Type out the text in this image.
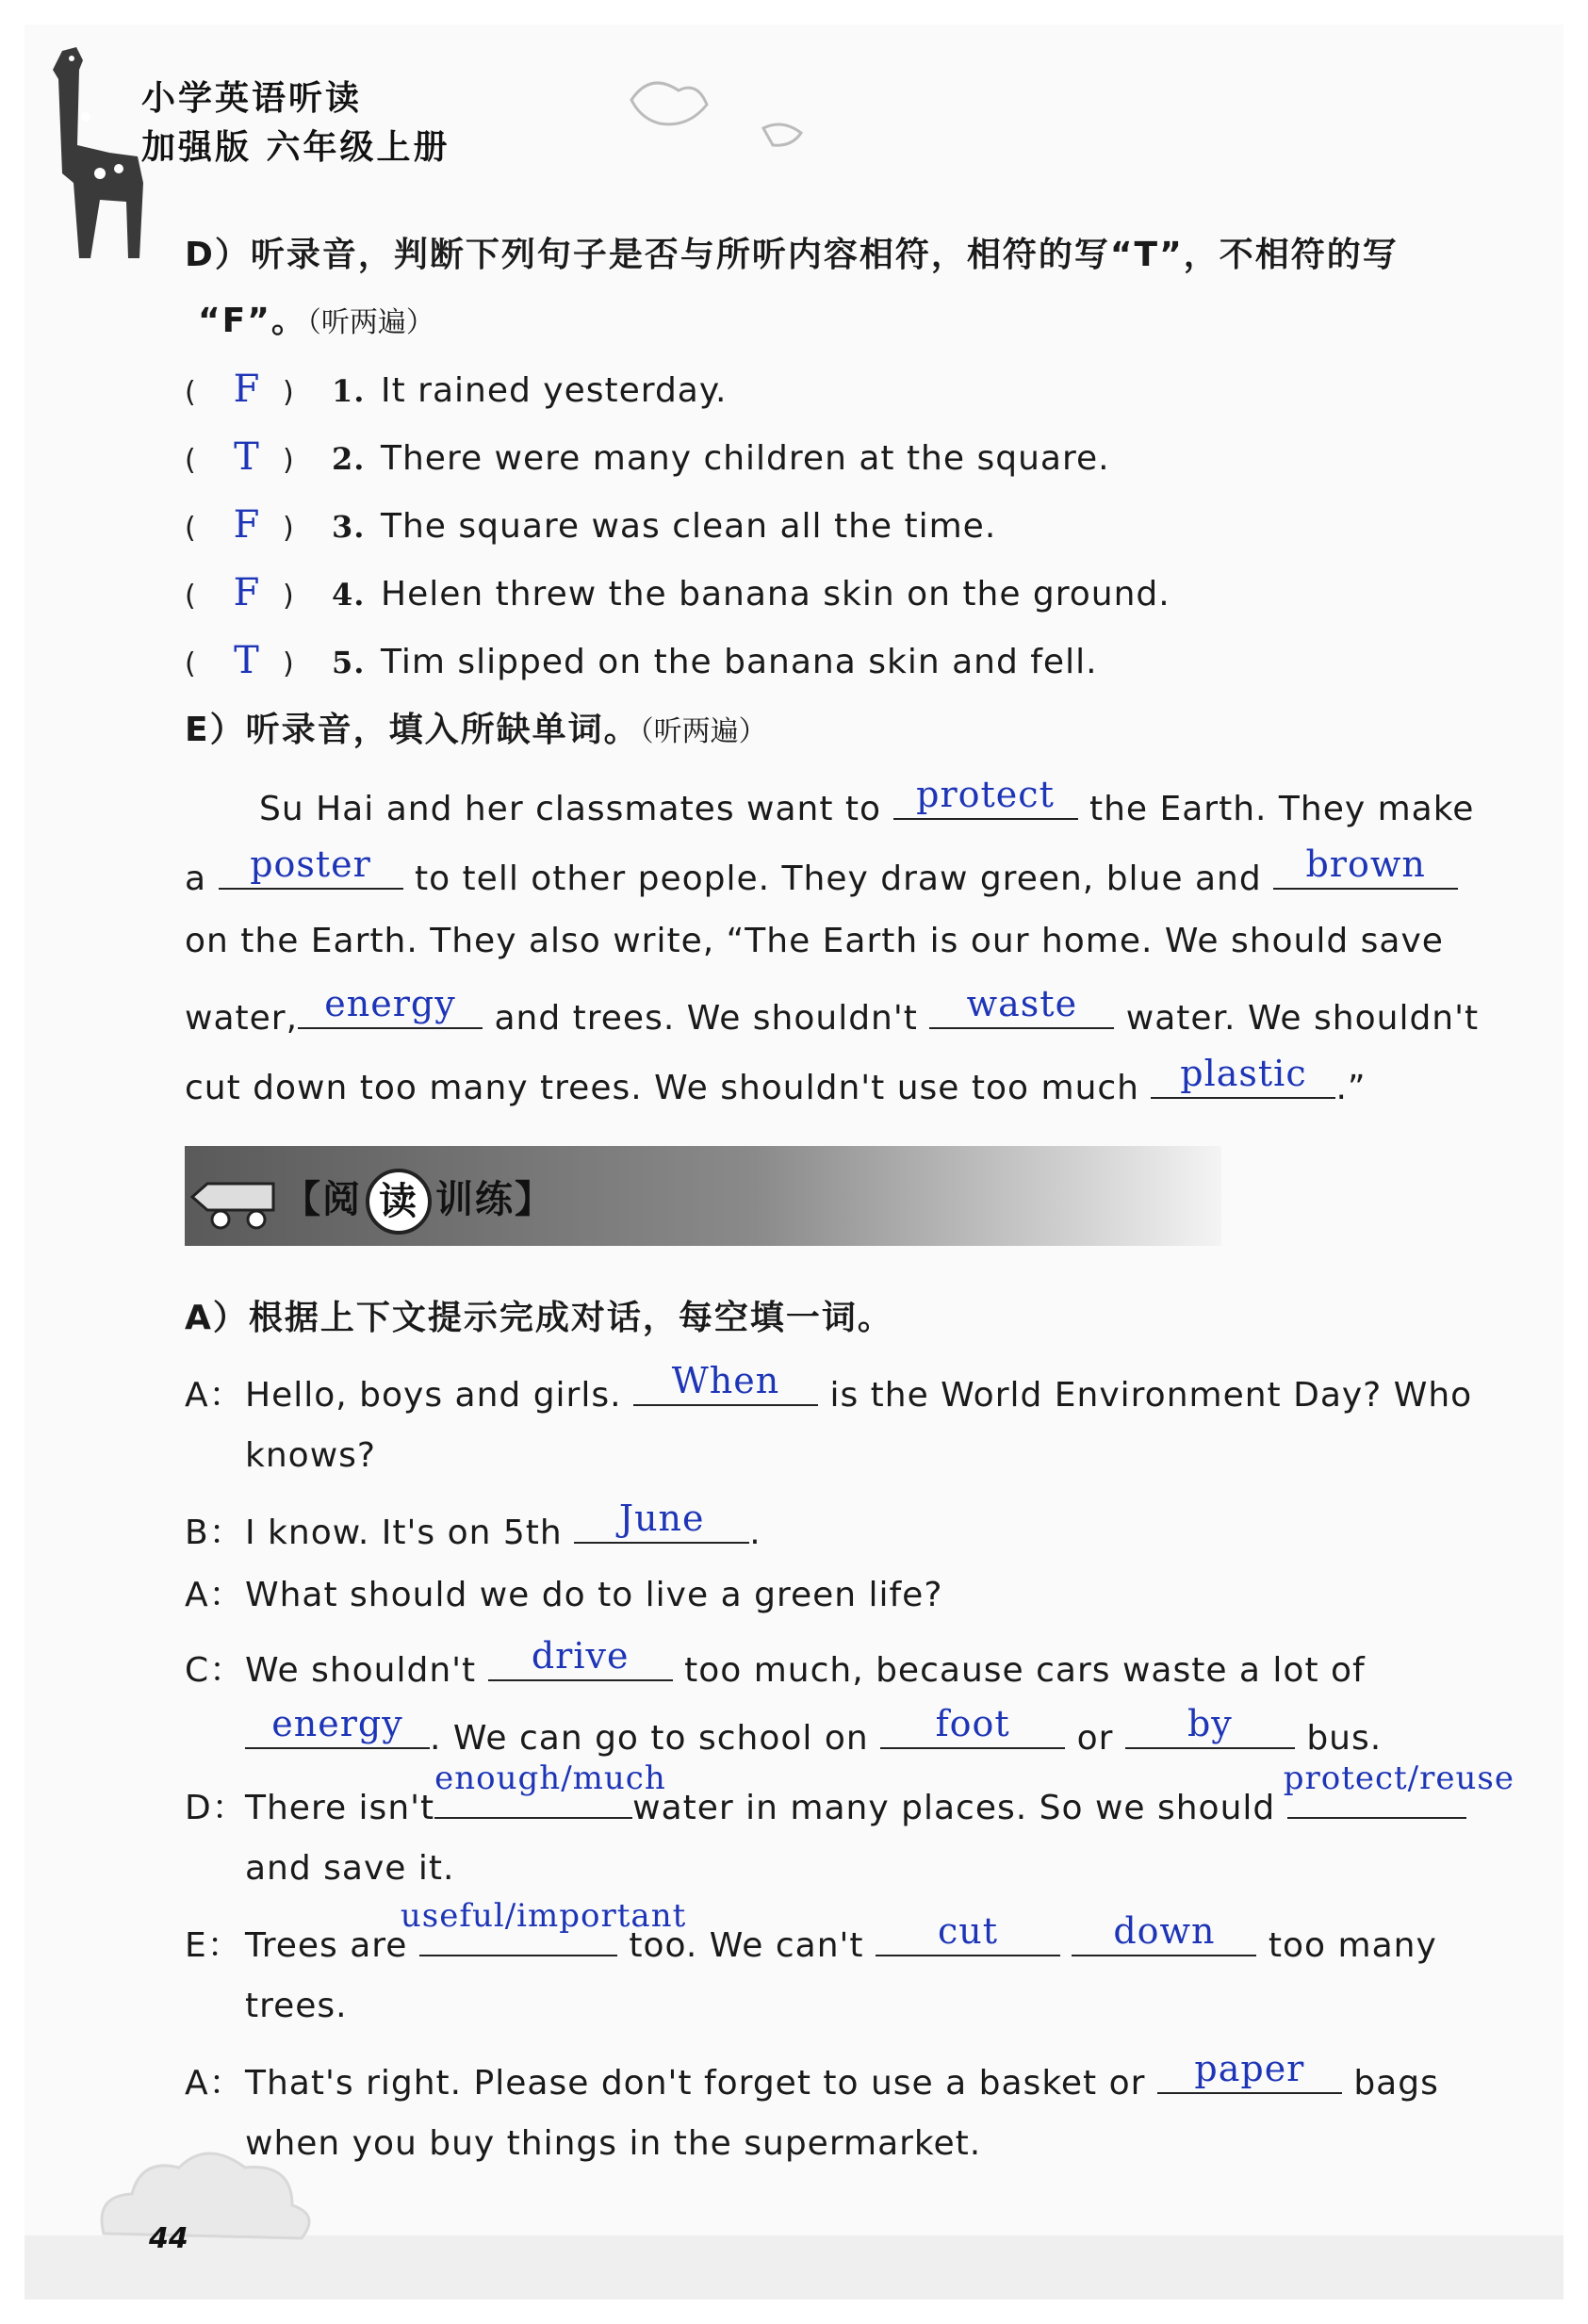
小学英语听读
加强版 六年级上册
D）听录音，判断下列句子是否与所听内容相符，相符的写“T”，不相符的写
“F”。（听两遍）
( F ) 1. It rained yesterday.
( T ) 2. There were many children at the square.
( F ) 3. The square was clean all the time.
( F ) 4. Helen threw the banana skin on the ground.
( T ) 5. Tim slipped on the banana skin and fell.
E）听录音，填入所缺单词。（听两遍）
Su Hai and her classmates want to protect	the Earth. They make
a	poster	to tell other people. They draw green, blue and	brown
on the Earth. They also write, “The Earth is our home. We should save
water, energy	and trees. We shouldn't	waste	water. We shouldn't
cut down too many trees. We shouldn't use too much	plastic .”
【阅 读 训练】
A）根据上下文提示完成对话，每空填一词。
A：Hello, boys and girls.	When	is the World Environment Day? Who
knows?
B：I know. It's on 5th	June	.
A：What should we do to live a green life?
C：We shouldn't	drive	too much, because cars waste a lot of
energy . We can go to school on	foot	or	by	bus.
D：There isn't
enough/much
water in many places. So we should
protect/reuse
and save it.
E：Trees are
useful/important
too. We can't	cut
	down	too many
trees.
A：That's right. Please don't forget to use a basket or	paper	bags
when you buy things in the supermarket.
44
